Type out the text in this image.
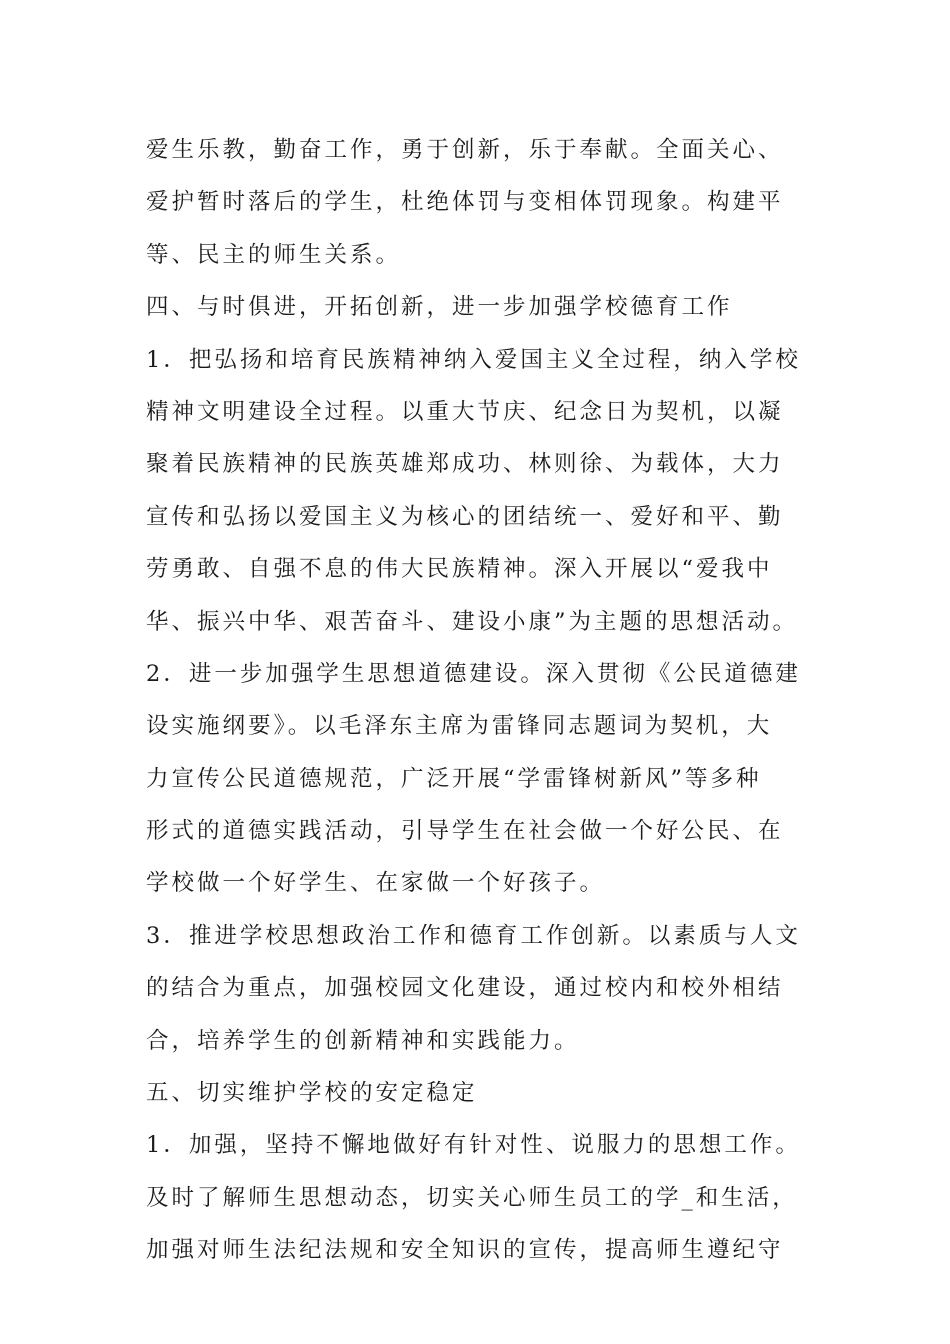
爱生乐教，勤奋工作，勇于创新，乐于奉献。全面关心、
爱护暂时落后的学生，杜绝体罚与变相体罚现象。构建平
等、民主的师生关系。
四、与时俱进，开拓创新，进一步加强学校德育工作
1．把弘扬和培育民族精神纳入爱国主义全过程，纳入学校
精神文明建设全过程。以重大节庆、纪念日为契机，以凝
聚着民族精神的民族英雄郑成功、林则徐、为载体，大力
宣传和弘扬以爱国主义为核心的团结统一、爱好和平、勤
劳勇敢、自强不息的伟大民族精神。深入开展以“爱我中
华、振兴中华、艰苦奋斗、建设小康”为主题的思想活动。
2．进一步加强学生思想道德建设。深入贯彻《公民道德建
设实施纲要》。以毛泽东主席为雷锋同志题词为契机，大
力宣传公民道德规范，广泛开展“学雷锋树新风”等多种
形式的道德实践活动，引导学生在社会做一个好公民、在
学校做一个好学生、在家做一个好孩子。
3．推进学校思想政治工作和德育工作创新。以素质与人文
的结合为重点，加强校园文化建设，通过校内和校外相结
合，培养学生的创新精神和实践能力。
五、切实维护学校的安定稳定
1．加强，坚持不懈地做好有针对性、说服力的思想工作。
及时了解师生思想动态，切实关心师生员工的学_和生活，
加强对师生法纪法规和安全知识的宣传，提高师生遵纪守
